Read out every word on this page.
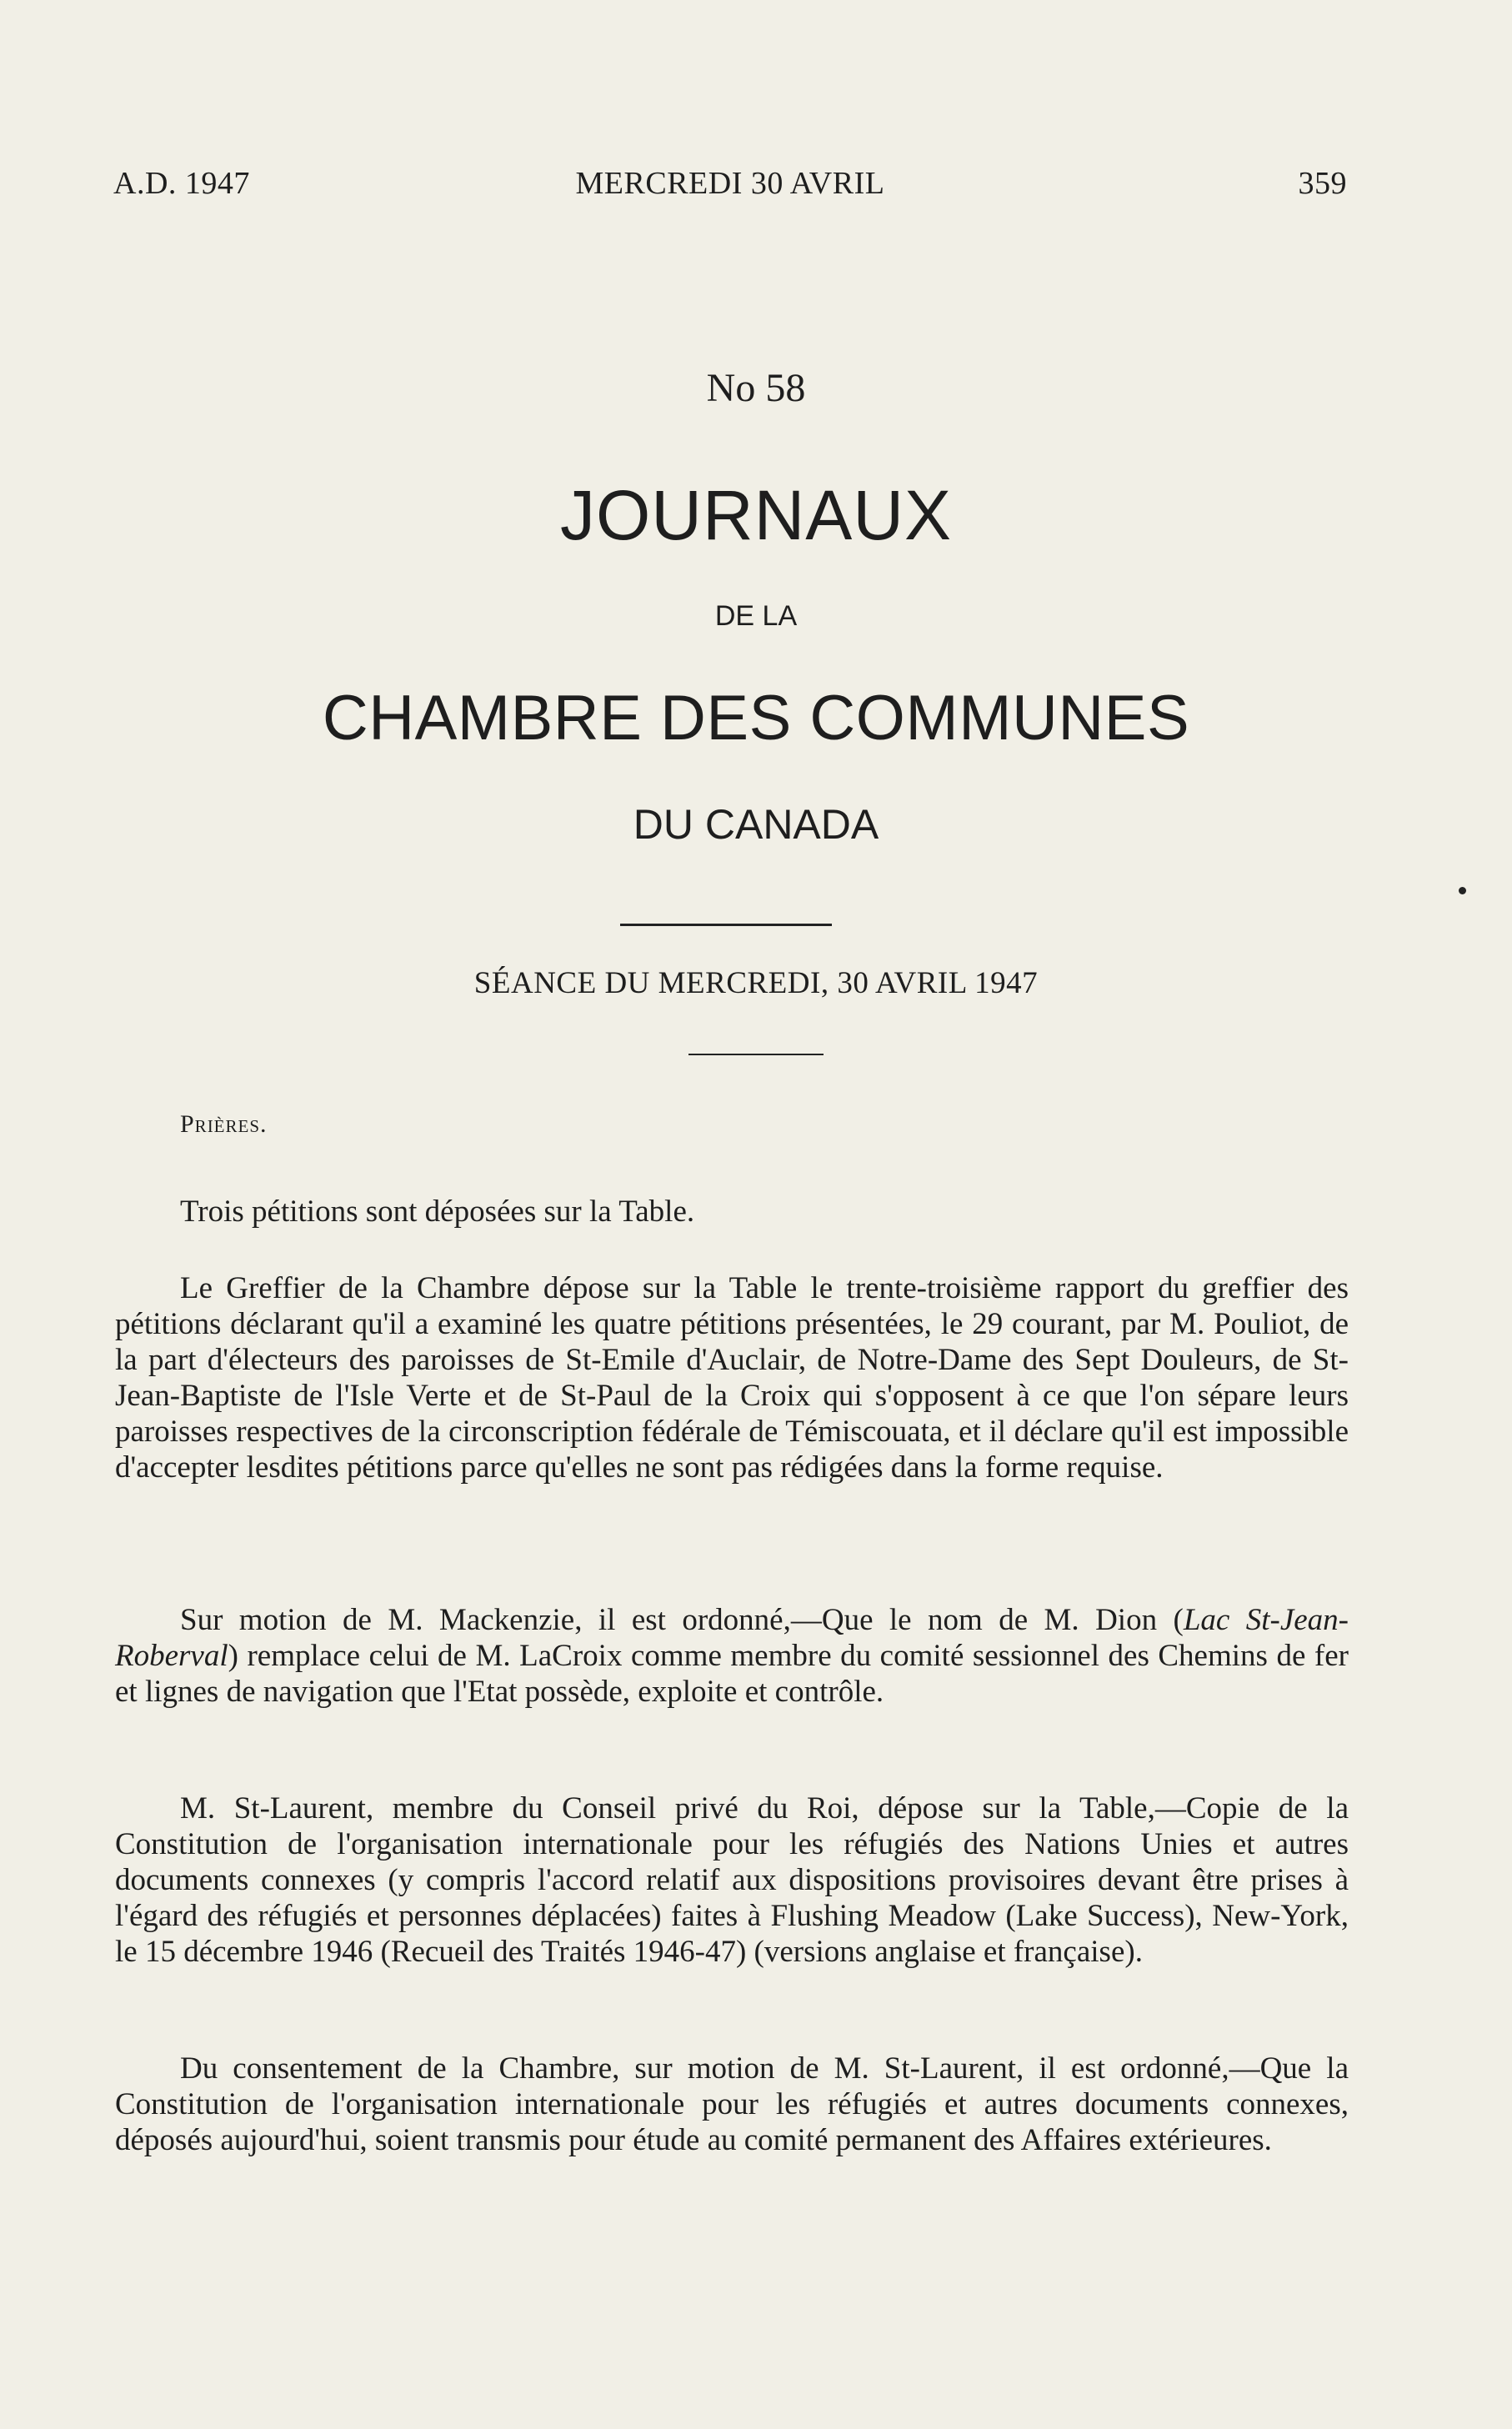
A.D. 1947	MERCREDI 30 AVRIL	359
No 58
JOURNAUX
DE LA
CHAMBRE DES COMMUNES
DU CANADA
SÉANCE DU MERCREDI, 30 AVRIL 1947
Prières.

Trois pétitions sont déposées sur la Table.

Le Greffier de la Chambre dépose sur la Table le trente-troisième rapport du greffier des pétitions déclarant qu'il a examiné les quatre pétitions présentées, le 29 courant, par M. Pouliot, de la part d'électeurs des paroisses de St-Emile d'Auclair, de Notre-Dame des Sept Douleurs, de St-Jean-Baptiste de l'Isle Verte et de St-Paul de la Croix qui s'opposent à ce que l'on sépare leurs paroisses respectives de la circonscription fédérale de Témiscouata, et il déclare qu'il est impossible d'accepter lesdites pétitions parce qu'elles ne sont pas rédigées dans la forme requise.

Sur motion de M. Mackenzie, il est ordonné,—Que le nom de M. Dion (Lac St-Jean-Roberval) remplace celui de M. LaCroix comme membre du comité sessionnel des Chemins de fer et lignes de navigation que l'Etat possède, exploite et contrôle.

M. St-Laurent, membre du Conseil privé du Roi, dépose sur la Table,—Copie de la Constitution de l'organisation internationale pour les réfugiés des Nations Unies et autres documents connexes (y compris l'accord relatif aux dispositions provisoires devant être prises à l'égard des réfugiés et personnes déplacées) faites à Flushing Meadow (Lake Success), New-York, le 15 décembre 1946 (Recueil des Traités 1946-47) (versions anglaise et française).

Du consentement de la Chambre, sur motion de M. St-Laurent, il est ordonné,—Que la Constitution de l'organisation internationale pour les réfugiés et autres documents connexes, déposés aujourd'hui, soient transmis pour étude au comité permanent des Affaires extérieures.
